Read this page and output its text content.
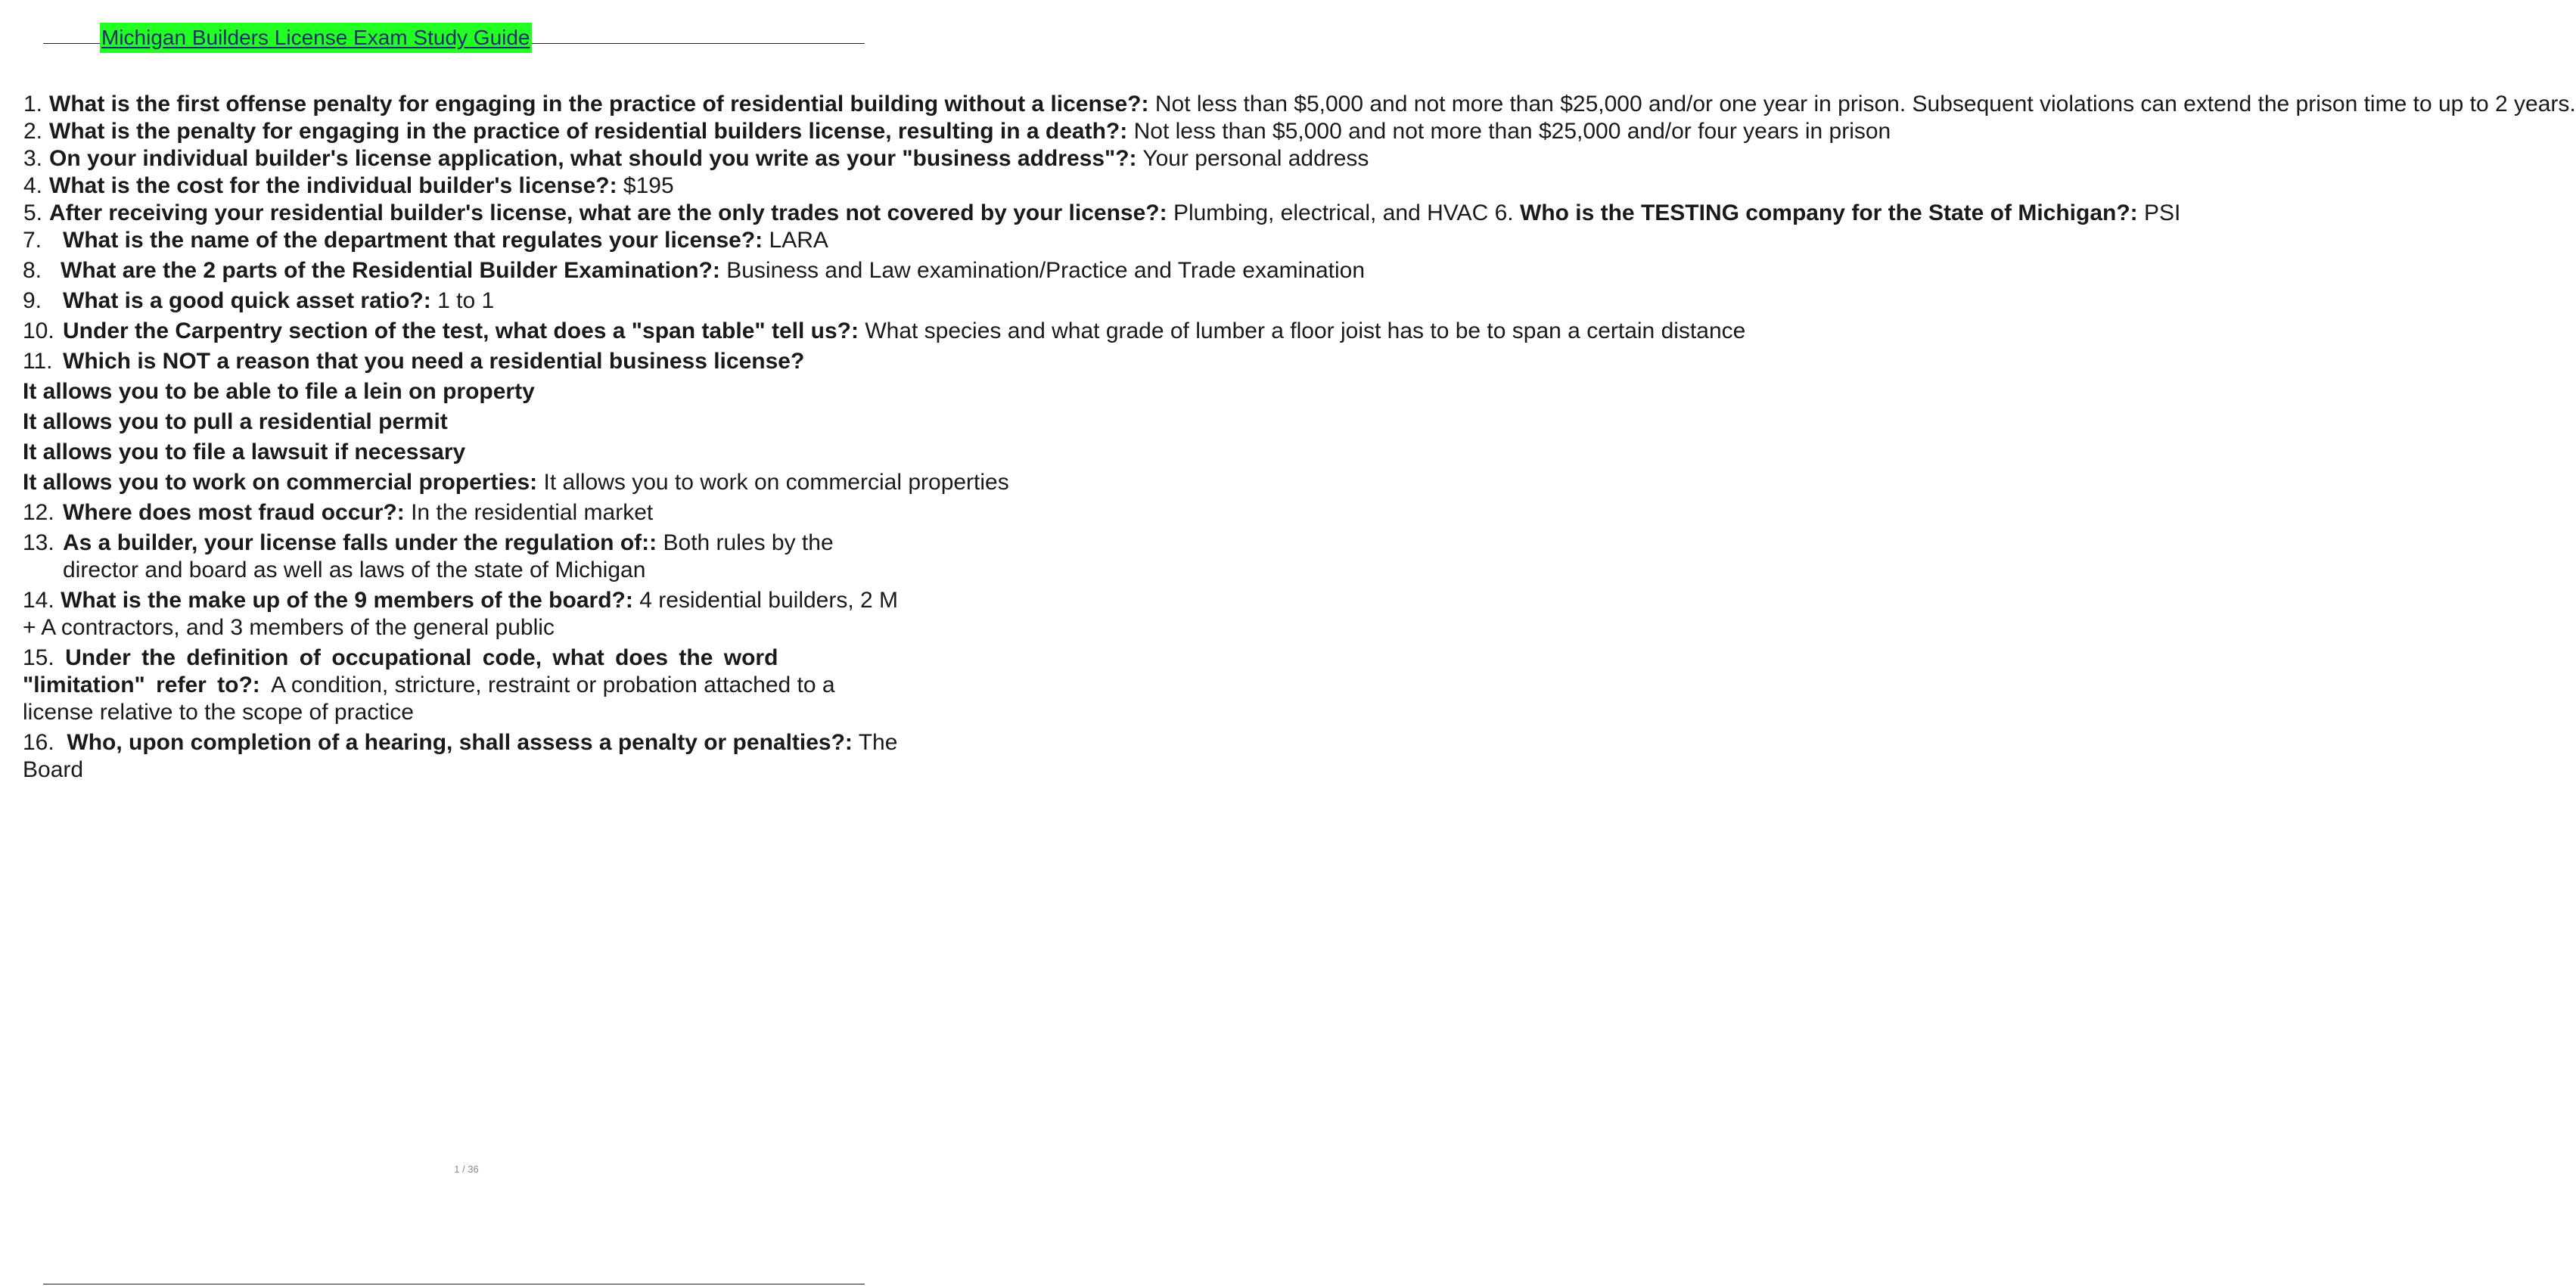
Michigan Builders License Exam Study Guide
1. What is the first offense penalty for engaging in the practice of residential building without a license?: Not less than $5,000 and not more than $25,000 and/or one year in prison. Subsequent violations can extend the prison time to up to 2 years.
2. What is the penalty for engaging in the practice of residential builders license, resulting in a death?: Not less than $5,000 and not more than $25,000 and/or four years in prison
3. On your individual builder's license application, what should you write as your "business address"?: Your personal address
4. What is the cost for the individual builder's license?: $195
5. After receiving your residential builder's license, what are the only trades not covered by your license?: Plumbing, electrical, and HVAC 6. Who is the TESTING company for the State of Michigan?: PSI
7. What is the name of the department that regulates your license?: LARA
8. What are the 2 parts of the Residential Builder Examination?: Business and Law examination/Practice and Trade examination
9. What is a good quick asset ratio?: 1 to 1
10. Under the Carpentry section of the test, what does a "span table" tell us?: What species and what grade of lumber a floor joist has to be to span a certain distance
11. Which is NOT a reason that you need a residential business license?
It allows you to be able to file a lein on property
It allows you to pull a residential permit
It allows you to file a lawsuit if necessary
It allows you to work on commercial properties: It allows you to work on commercial properties
12. Where does most fraud occur?: In the residential market
13. As a builder, your license falls under the regulation of:: Both rules by the director and board as well as laws of the state of Michigan
14. What is the make up of the 9 members of the board?: 4 residential builders, 2 M + A contractors, and 3 members of the general public
15. Under the definition of occupational code, what does the word "limitation" refer to?: A condition, stricture, restraint or probation attached to a license relative to the scope of practice
16. Who, upon completion of a hearing, shall assess a penalty or penalties?: The Board
1 / 36
